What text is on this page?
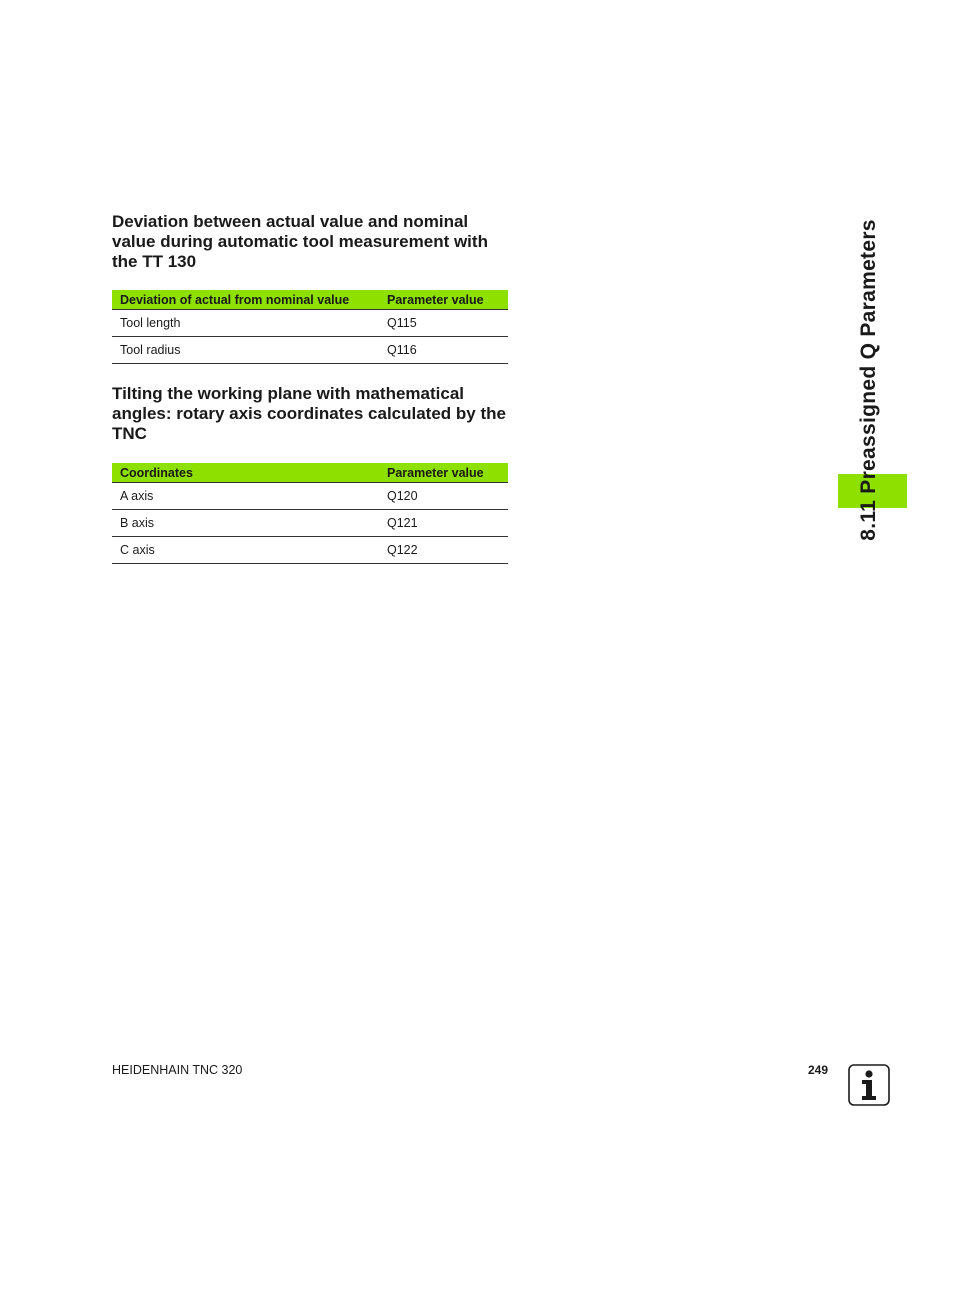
Deviation between actual value and nominal value during automatic tool measurement with the TT 130
Deviation of actual from nominal value	Parameter value
Tool length	Q115
Tool radius	Q116
Tilting the working plane with mathematical angles: rotary axis coordinates calculated by the TNC
Coordinates	Parameter value
A axis	Q120
B axis	Q121
C axis	Q122
8.11 Preassigned Q Parameters
HEIDENHAIN TNC 320	249
